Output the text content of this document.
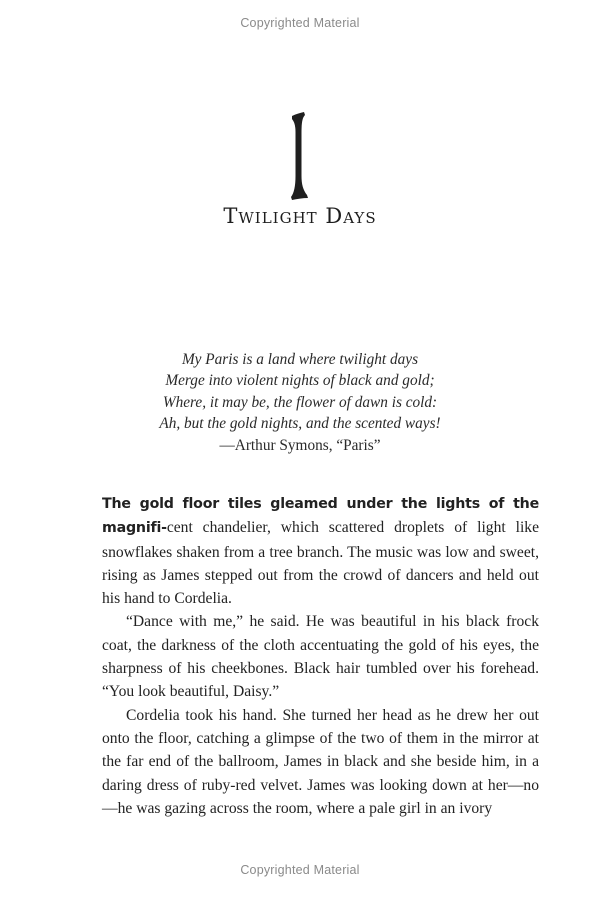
Copyrighted Material
Twilight Days
My Paris is a land where twilight days
Merge into violent nights of black and gold;
Where, it may be, the flower of dawn is cold:
Ah, but the gold nights, and the scented ways!
—Arthur Symons, “Paris”

The gold floor tiles gleamed under the lights of the magnifi-cent chandelier, which scattered droplets of light like snowflakes shaken from a tree branch. The music was low and sweet, rising as James stepped out from the crowd of dancers and held out his hand to Cordelia.

“Dance with me,” he said. He was beautiful in his black frock coat, the darkness of the cloth accentuating the gold of his eyes, the sharpness of his cheekbones. Black hair tumbled over his forehead. “You look beautiful, Daisy.”

Cordelia took his hand. She turned her head as he drew her out onto the floor, catching a glimpse of the two of them in the mirror at the far end of the ballroom, James in black and she beside him, in a daring dress of ruby-red velvet. James was looking down at her—no—he was gazing across the room, where a pale girl in an ivory

Copyrighted Material
